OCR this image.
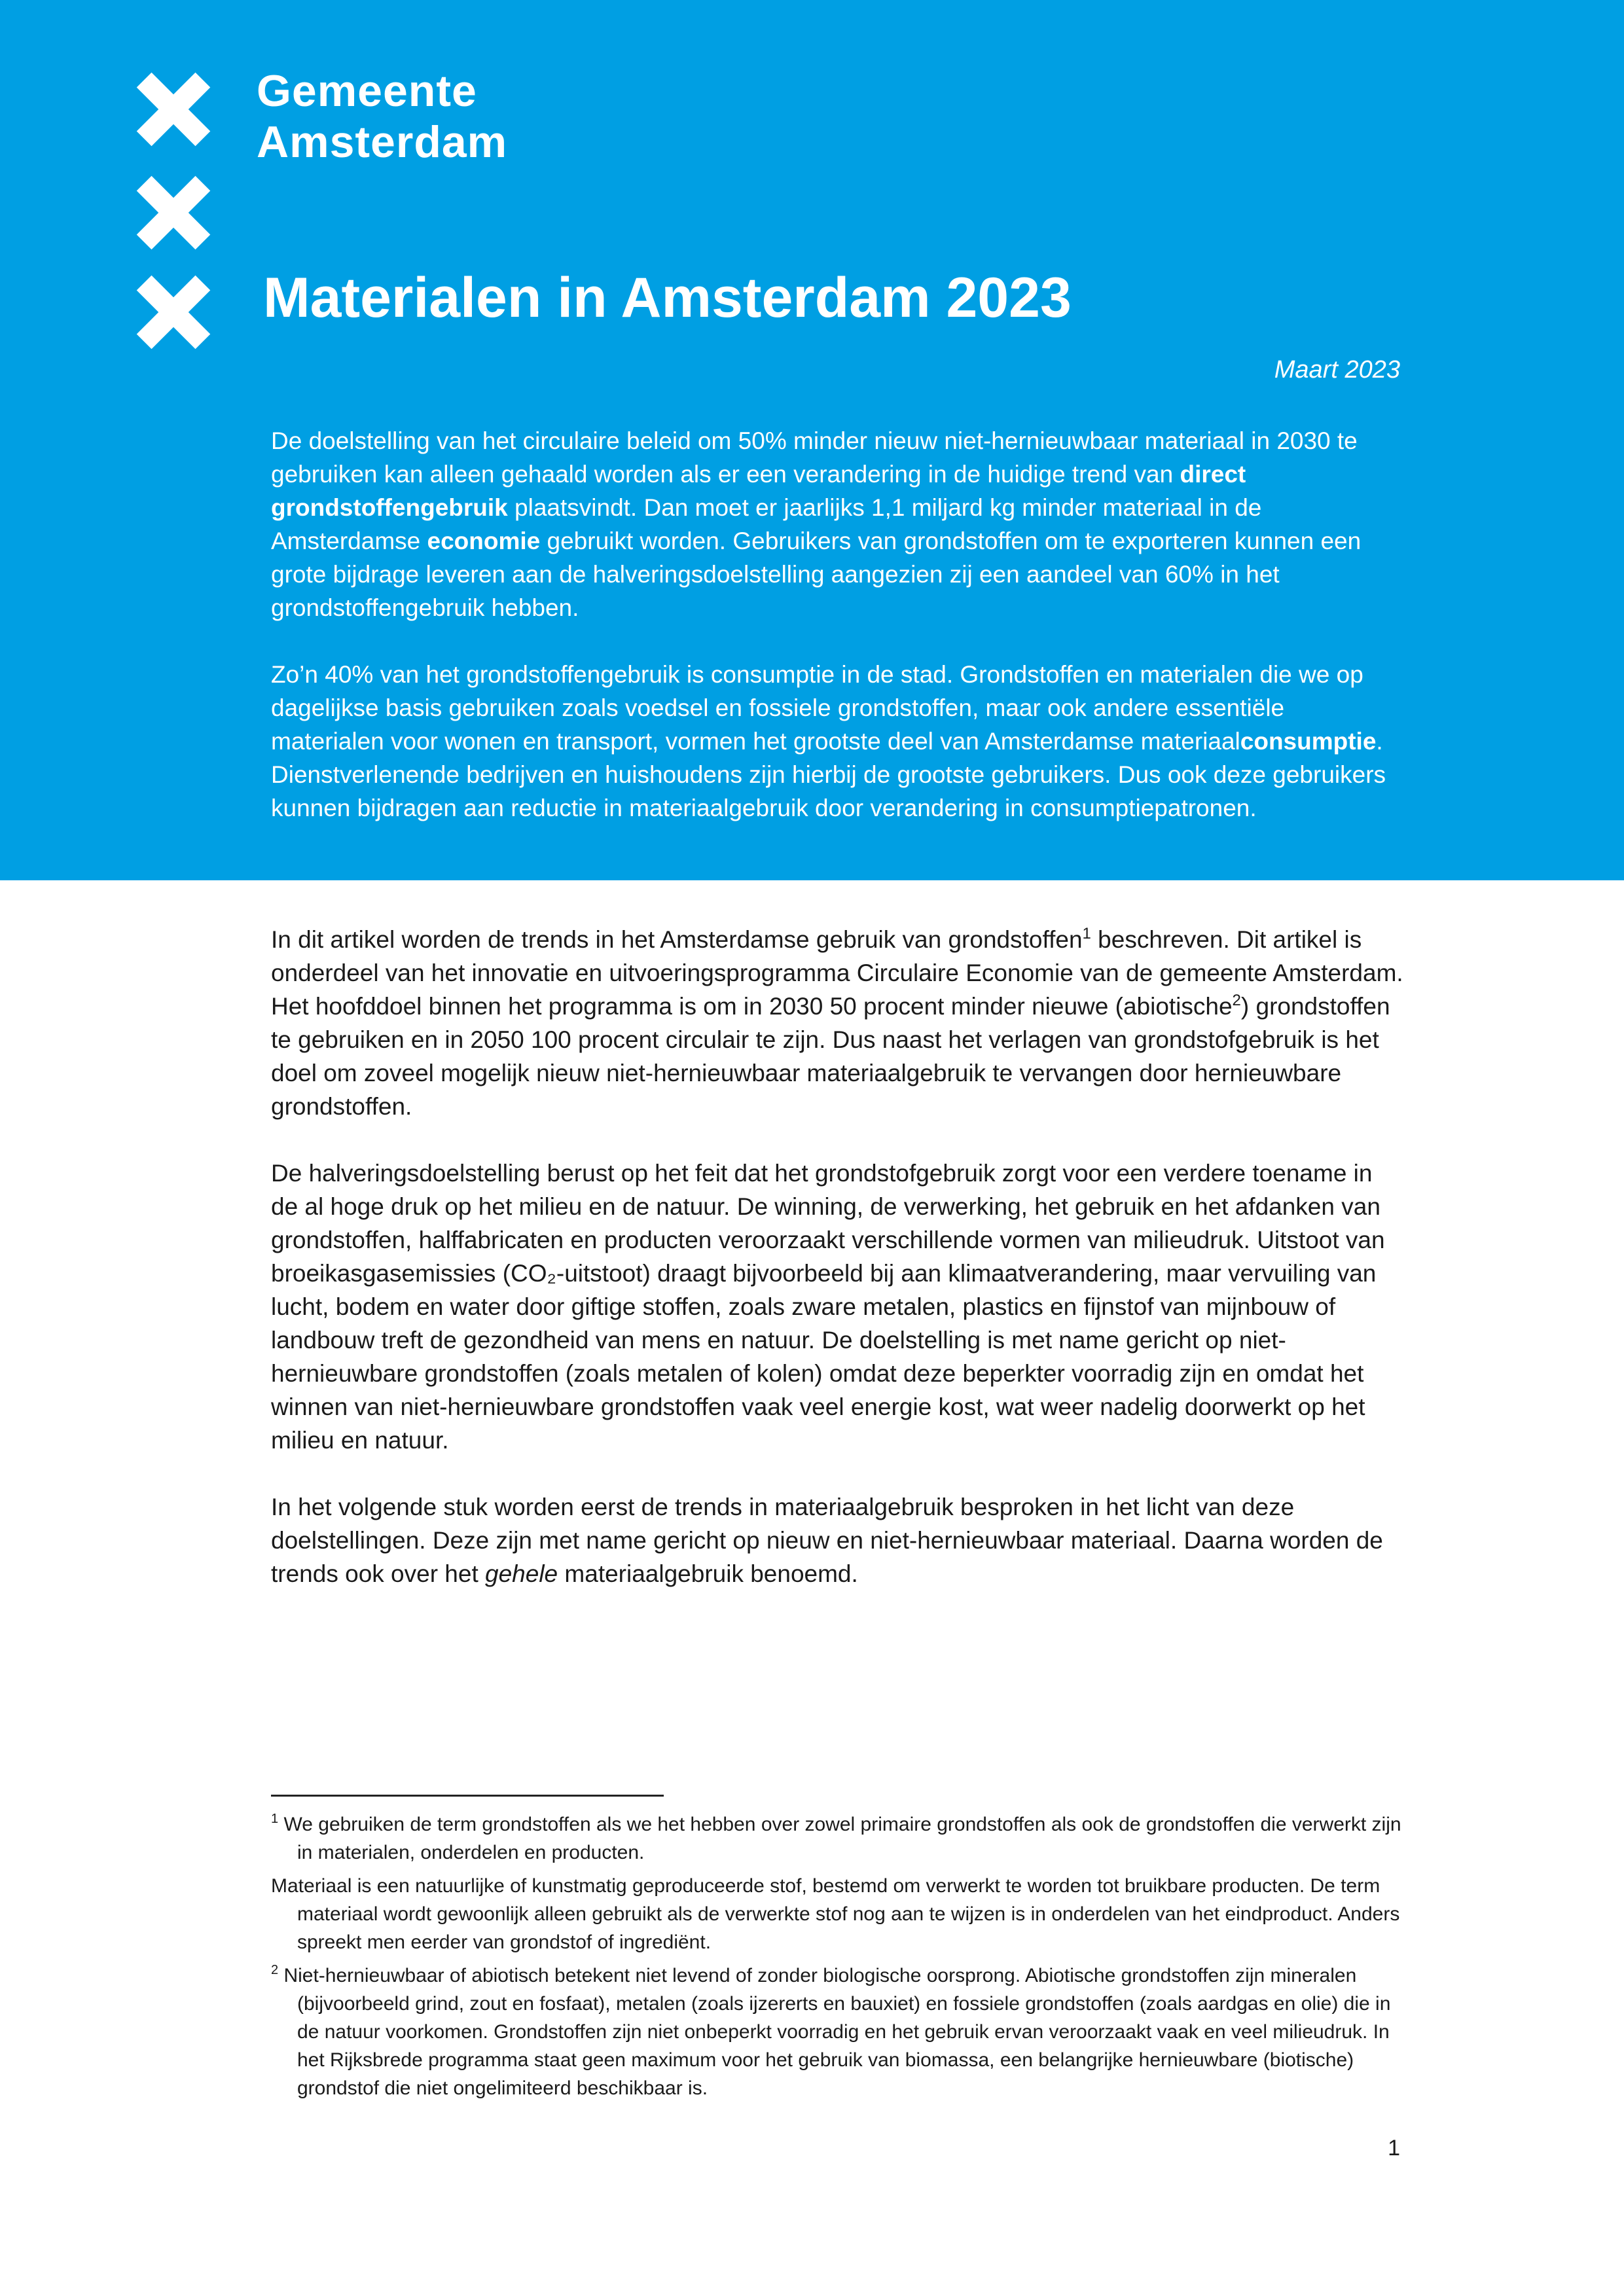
Gemeente
Amsterdam
Materialen in Amsterdam 2023
Maart 2023

De doelstelling van het circulaire beleid om 50% minder nieuw niet-hernieuwbaar materiaal in 2030 te gebruiken kan alleen gehaald worden als er een verandering in de huidige trend van direct grondstoffengebruik plaatsvindt. Dan moet er jaarlijks 1,1 miljard kg minder materiaal in de Amsterdamse economie gebruikt worden. Gebruikers van grondstoffen om te exporteren kunnen een grote bijdrage leveren aan de halveringsdoelstelling aangezien zij een aandeel van 60% in het grondstoffengebruik hebben.

Zo’n 40% van het grondstoffengebruik is consumptie in de stad. Grondstoffen en materialen die we op dagelijkse basis gebruiken zoals voedsel en fossiele grondstoffen, maar ook andere essentiële materialen voor wonen en transport, vormen het grootste deel van Amsterdamse materiaalconsumptie. Dienstverlenende bedrijven en huishoudens zijn hierbij de grootste gebruikers. Dus ook deze gebruikers kunnen bijdragen aan reductie in materiaalgebruik door verandering in consumptiepatronen.

In dit artikel worden de trends in het Amsterdamse gebruik van grondstoffen$^1$ beschreven. Dit artikel is onderdeel van het innovatie en uitvoeringsprogramma Circulaire Economie van de gemeente Amsterdam. Het hoofddoel binnen het programma is om in 2030 50 procent minder nieuwe (abiotische$^2$) grondstoffen te gebruiken en in 2050 100 procent circulair te zijn. Dus naast het verlagen van grondstofgebruik is het doel om zoveel mogelijk nieuw niet-hernieuwbaar materiaalgebruik te vervangen door hernieuwbare grondstoffen.

De halveringsdoelstelling berust op het feit dat het grondstofgebruik zorgt voor een verdere toename in de al hoge druk op het milieu en de natuur. De winning, de verwerking, het gebruik en het afdanken van grondstoffen, halffabricaten en producten veroorzaakt verschillende vormen van milieudruk. Uitstoot van broeikasgasemissies (CO₂-uitstoot) draagt bijvoorbeeld bij aan klimaatverandering, maar vervuiling van lucht, bodem en water door giftige stoffen, zoals zware metalen, plastics en fijnstof van mijnbouw of landbouw treft de gezondheid van mens en natuur. De doelstelling is met name gericht op niet-hernieuwbare grondstoffen (zoals metalen of kolen) omdat deze beperkter voorradig zijn en omdat het winnen van niet-hernieuwbare grondstoffen vaak veel energie kost, wat weer nadelig doorwerkt op het milieu en natuur.

In het volgende stuk worden eerst de trends in materiaalgebruik besproken in het licht van deze doelstellingen. Deze zijn met name gericht op nieuw en niet-hernieuwbaar materiaal. Daarna worden de trends ook over het gehele materiaalgebruik benoemd.

$^1$ We gebruiken de term grondstoffen als we het hebben over zowel primaire grondstoffen als ook de grondstoffen die verwerkt zijn in materialen, onderdelen en producten.
Materiaal is een natuurlijke of kunstmatig geproduceerde stof, bestemd om verwerkt te worden tot bruikbare producten. De term materiaal wordt gewoonlijk alleen gebruikt als de verwerkte stof nog aan te wijzen is in onderdelen van het eindproduct. Anders spreekt men eerder van grondstof of ingrediënt.
$^2$ Niet-hernieuwbaar of abiotisch betekent niet levend of zonder biologische oorsprong. Abiotische grondstoffen zijn mineralen (bijvoorbeeld grind, zout en fosfaat), metalen (zoals ijzererts en bauxiet) en fossiele grondstoffen (zoals aardgas en olie) die in de natuur voorkomen. Grondstoffen zijn niet onbeperkt voorradig en het gebruik ervan veroorzaakt vaak en veel milieudruk. In het Rijksbrede programma staat geen maximum voor het gebruik van biomassa, een belangrijke hernieuwbare (biotische) grondstof die niet ongelimiteerd beschikbaar is.
1
